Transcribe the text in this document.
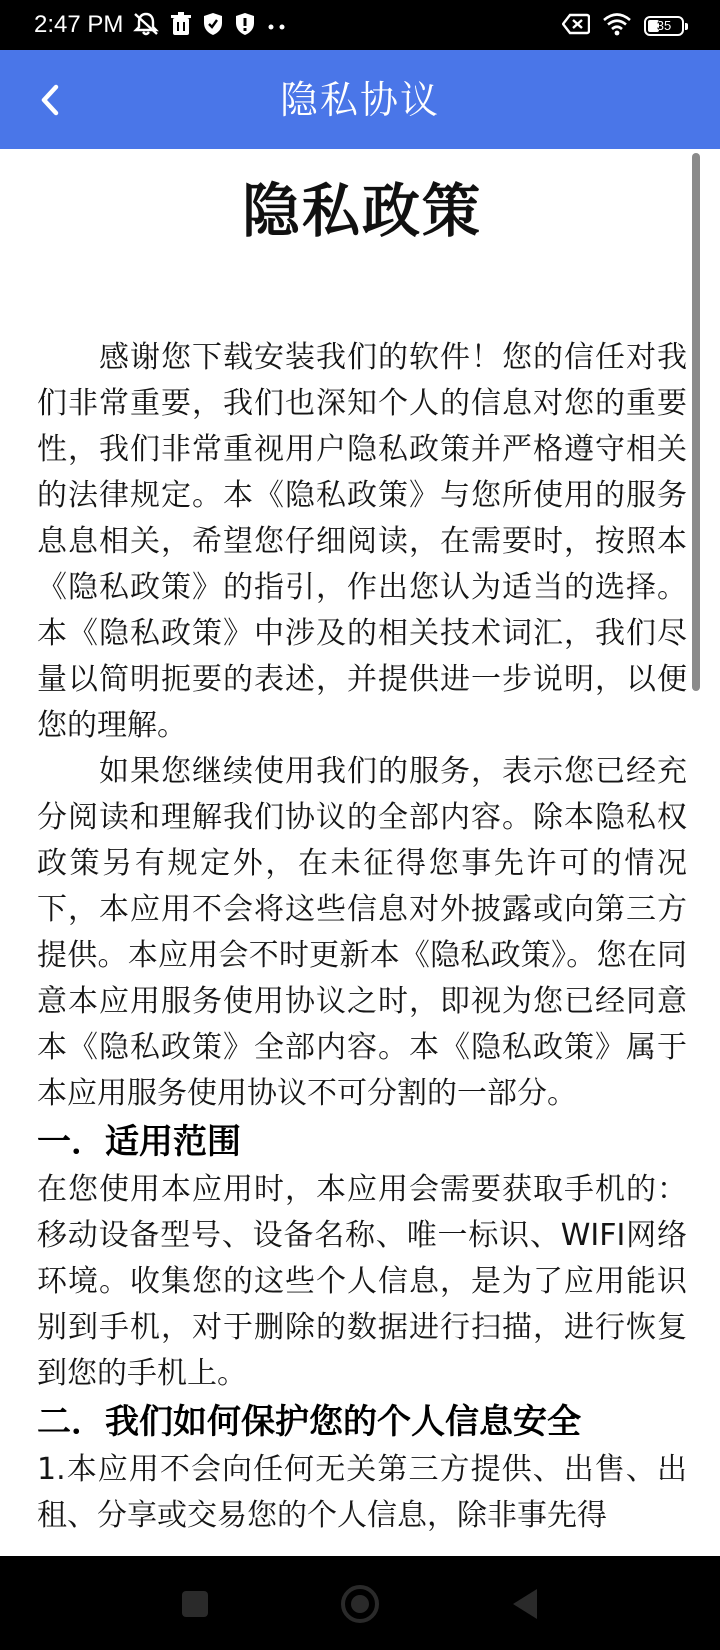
2:47 PM	35
隐私协议
隐私政策

感谢您下载安装我们的软件！您的信任对我们非常重要，我们也深知个人的信息对您的重要性，我们非常重视用户隐私政策并严格遵守相关的法律规定。本《隐私政策》与您所使用的服务息息相关，希望您仔细阅读，在需要时，按照本《隐私政策》的指引，作出您认为适当的选择。本《隐私政策》中涉及的相关技术词汇，我们尽量以简明扼要的表述，并提供进一步说明，以便您的理解。

如果您继续使用我们的服务，表示您已经充分阅读和理解我们协议的全部内容。除本隐私权政策另有规定外，在未征得您事先许可的情况下，本应用不会将这些信息对外披露或向第三方提供。本应用会不时更新本《隐私政策》。您在同意本应用服务使用协议之时，即视为您已经同意本《隐私政策》全部内容。本《隐私政策》属于本应用服务使用协议不可分割的一部分。

一．适用范围

在您使用本应用时，本应用会需要获取手机的：移动设备型号、设备名称、唯一标识、WIFI网络环境。收集您的这些个人信息，是为了应用能识别到手机，对于删除的数据进行扫描，进行恢复到您的手机上。

二．我们如何保护您的个人信息安全

1.本应用不会向任何无关第三方提供、出售、出租、分享或交易您的个人信息，除非事先得
